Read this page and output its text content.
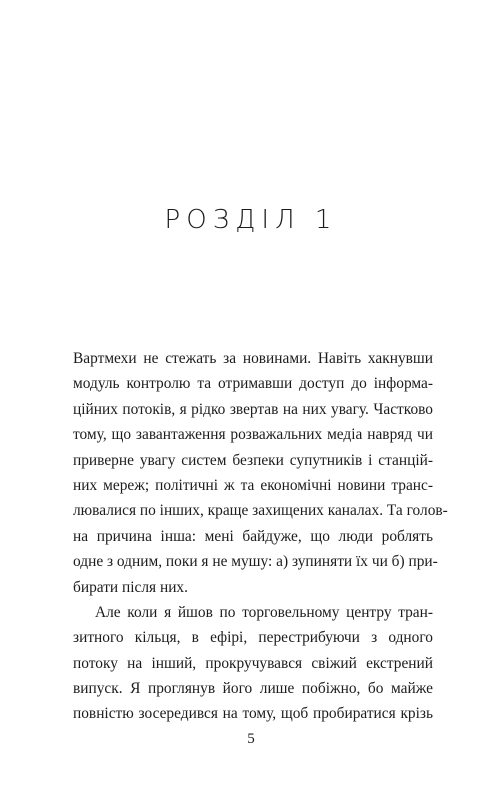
РОЗДІЛ 1
Вартмехи не стежать за новинами. Навіть хакнувши
модуль контролю та отримавши доступ до інформа-
ційних потоків, я рідко звертав на них увагу. Частково
тому, що завантаження розважальних медіа навряд чи
приверне увагу систем безпеки супутників і станцій-
них мереж; політичні ж та економічні новини транс-
лювалися по інших, краще захищених каналах. Та голов-
на причина інша: мені байдуже, що люди роблять
одне з одним, поки я не мушу: а) зупиняти їх чи б) при-
бирати після них.
Але коли я йшов по торговельному центру тран-
зитного кільця, в ефірі, перестрибуючи з одного
потоку на інший, прокручувався свіжий екстрений
випуск. Я проглянув його лише побіжно, бо майже
повністю зосередився на тому, щоб пробиратися крізь
5
